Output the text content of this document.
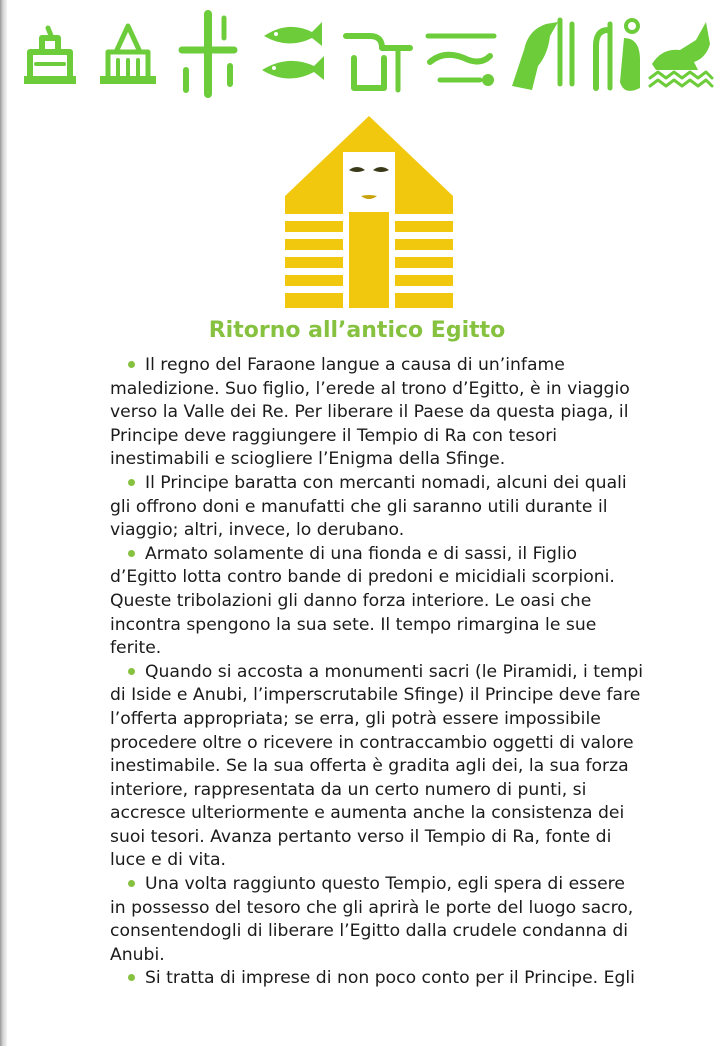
Ritorno all’antico Egitto

Il regno del Faraone langue a causa di un’infame maledizione. Suo figlio, l’erede al trono d’Egitto, è in viaggio verso la Valle dei Re. Per liberare il Paese da questa piaga, il Principe deve raggiungere il Tempio di Ra con tesori inestimabili e sciogliere l’Enigma della Sfinge.

Il Principe baratta con mercanti nomadi, alcuni dei quali gli offrono doni e manufatti che gli saranno utili durante il viaggio; altri, invece, lo derubano.

Armato solamente di una fionda e di sassi, il Figlio d’Egitto lotta contro bande di predoni e micidiali scorpioni. Queste tribolazioni gli danno forza interiore. Le oasi che incontra spengono la sua sete. Il tempo rimargina le sue ferite.

Quando si accosta a monumenti sacri (le Piramidi, i tempi di Iside e Anubi, l’imperscrutabile Sfinge) il Principe deve fare l’offerta appropriata; se erra, gli potrà essere impossibile procedere oltre o ricevere in contraccambio oggetti di valore inestimabile. Se la sua offerta è gradita agli dei, la sua forza interiore, rappresentata da un certo numero di punti, si accresce ulteriormente e aumenta anche la consistenza dei suoi tesori. Avanza pertanto verso il Tempio di Ra, fonte di luce e di vita.

Una volta raggiunto questo Tempio, egli spera di essere in possesso del tesoro che gli aprirà le porte del luogo sacro, consentendogli di liberare l’Egitto dalla crudele condanna di Anubi.

Si tratta di imprese di non poco conto per il Principe. Egli
